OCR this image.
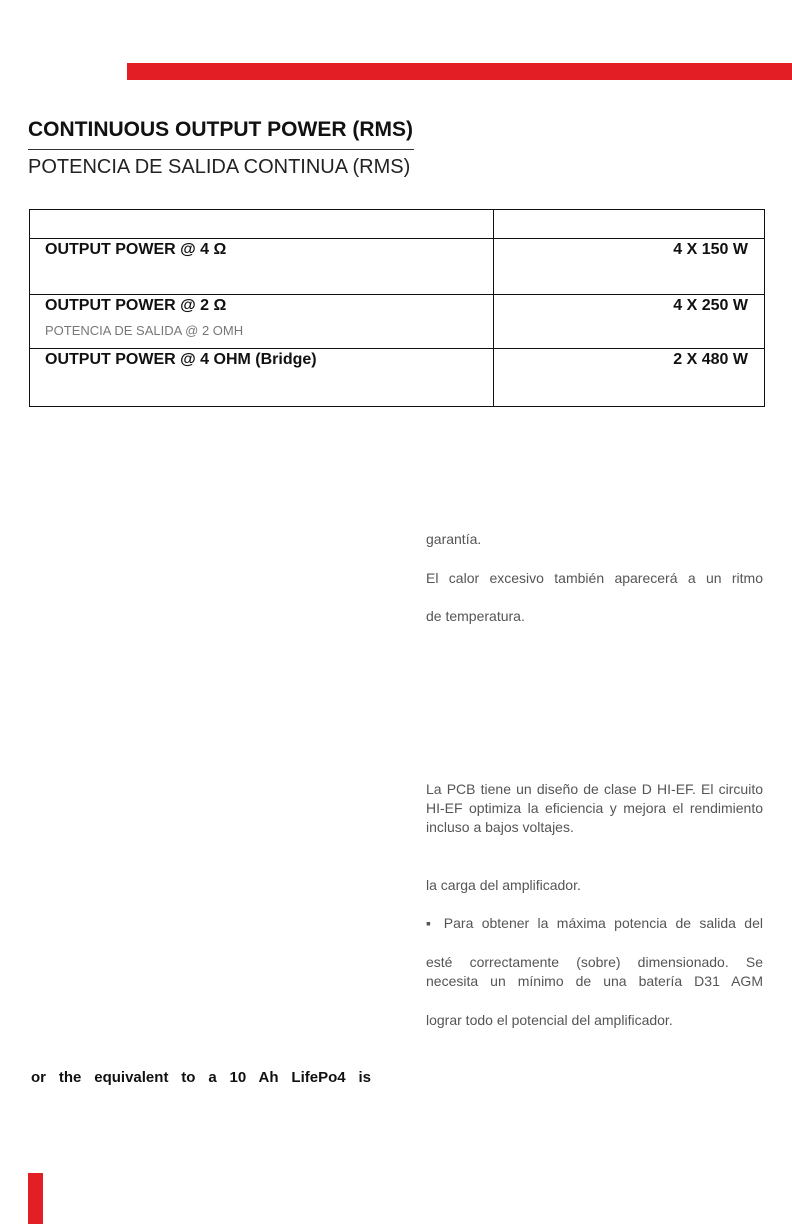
CONTINUOUS OUTPUT POWER (RMS)
POTENCIA DE SALIDA CONTINUA (RMS)

OUTPUT POWER @ 4 Ω	4 X 150 W

OUTPUT POWER @ 2 Ω
POTENCIA DE SALIDA @ 2 OMH	4 X 250 W

OUTPUT POWER @ 4 OHM (Bridge)	2 X 480 W
garantía.
El calor excesivo también aparecerá a un ritmo
de temperatura.
La PCB tiene un diseño de clase D HI-EF. El circuito HI-EF optimiza la eficiencia y mejora el rendimiento incluso a bajos voltajes.
la carga del amplificador.
▪ Para obtener la máxima potencia de salida del
esté correctamente (sobre) dimensionado. Se necesita un mínimo de una batería D31 AGM
lograr todo el potencial del amplificador.
or the equivalent to a 10 Ah LifePo4 is
